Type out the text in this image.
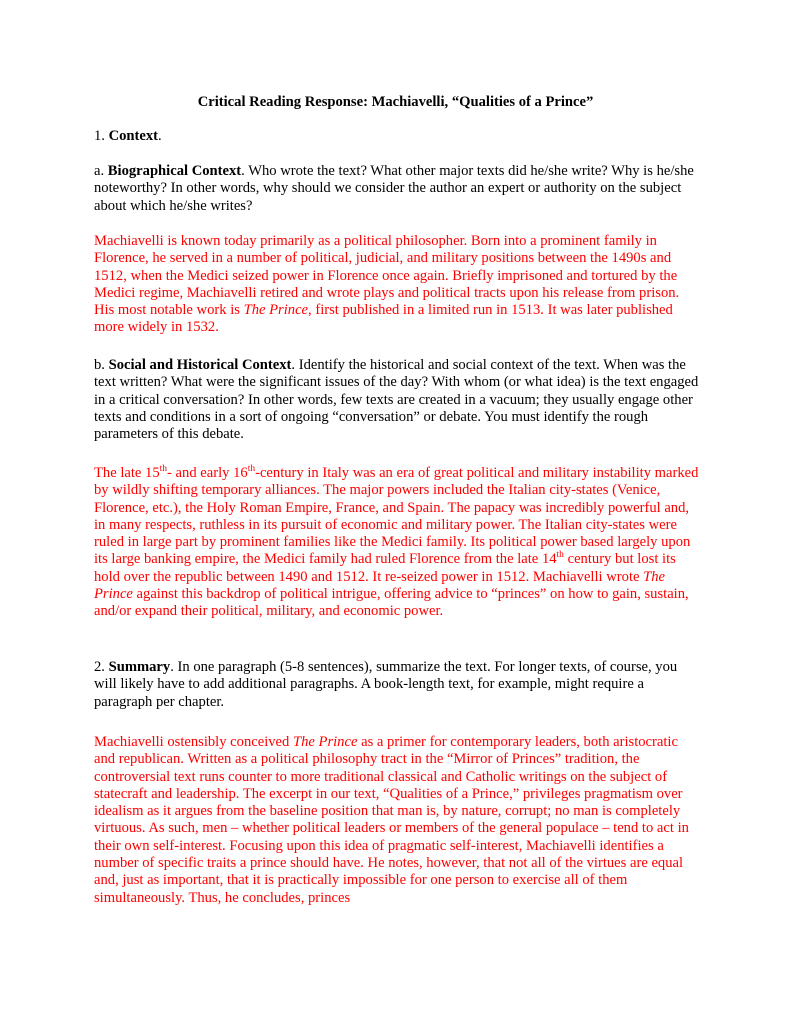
Critical Reading Response: Machiavelli, “Qualities of a Prince”

1. Context.

a. Biographical Context. Who wrote the text? What other major texts did he/she write? Why is he/she noteworthy? In other words, why should we consider the author an expert or authority on the subject about which he/she writes?

Machiavelli is known today primarily as a political philosopher. Born into a prominent family in Florence, he served in a number of political, judicial, and military positions between the 1490s and 1512, when the Medici seized power in Florence once again. Briefly imprisoned and tortured by the Medici regime, Machiavelli retired and wrote plays and political tracts upon his release from prison. His most notable work is The Prince, first published in a limited run in 1513. It was later published more widely in 1532.

b. Social and Historical Context. Identify the historical and social context of the text. When was the text written? What were the significant issues of the day? With whom (or what idea) is the text engaged in a critical conversation? In other words, few texts are created in a vacuum; they usually engage other texts and conditions in a sort of ongoing “conversation” or debate. You must identify the rough parameters of this debate.

The late 15th- and early 16th-century in Italy was an era of great political and military instability marked by wildly shifting temporary alliances. The major powers included the Italian city-states (Venice, Florence, etc.), the Holy Roman Empire, France, and Spain. The papacy was incredibly powerful and, in many respects, ruthless in its pursuit of economic and military power. The Italian city-states were ruled in large part by prominent families like the Medici family. Its political power based largely upon its large banking empire, the Medici family had ruled Florence from the late 14th century but lost its hold over the republic between 1490 and 1512. It re-seized power in 1512. Machiavelli wrote The Prince against this backdrop of political intrigue, offering advice to “princes” on how to gain, sustain, and/or expand their political, military, and economic power.

2. Summary. In one paragraph (5-8 sentences), summarize the text. For longer texts, of course, you will likely have to add additional paragraphs. A book-length text, for example, might require a paragraph per chapter.

Machiavelli ostensibly conceived The Prince as a primer for contemporary leaders, both aristocratic and republican. Written as a political philosophy tract in the “Mirror of Princes” tradition, the controversial text runs counter to more traditional classical and Catholic writings on the subject of statecraft and leadership. The excerpt in our text, “Qualities of a Prince,” privileges pragmatism over idealism as it argues from the baseline position that man is, by nature, corrupt; no man is completely virtuous. As such, men – whether political leaders or members of the general populace – tend to act in their own self-interest. Focusing upon this idea of pragmatic self-interest, Machiavelli identifies a number of specific traits a prince should have. He notes, however, that not all of the virtues are equal and, just as important, that it is practically impossible for one person to exercise all of them simultaneously. Thus, he concludes, princes
